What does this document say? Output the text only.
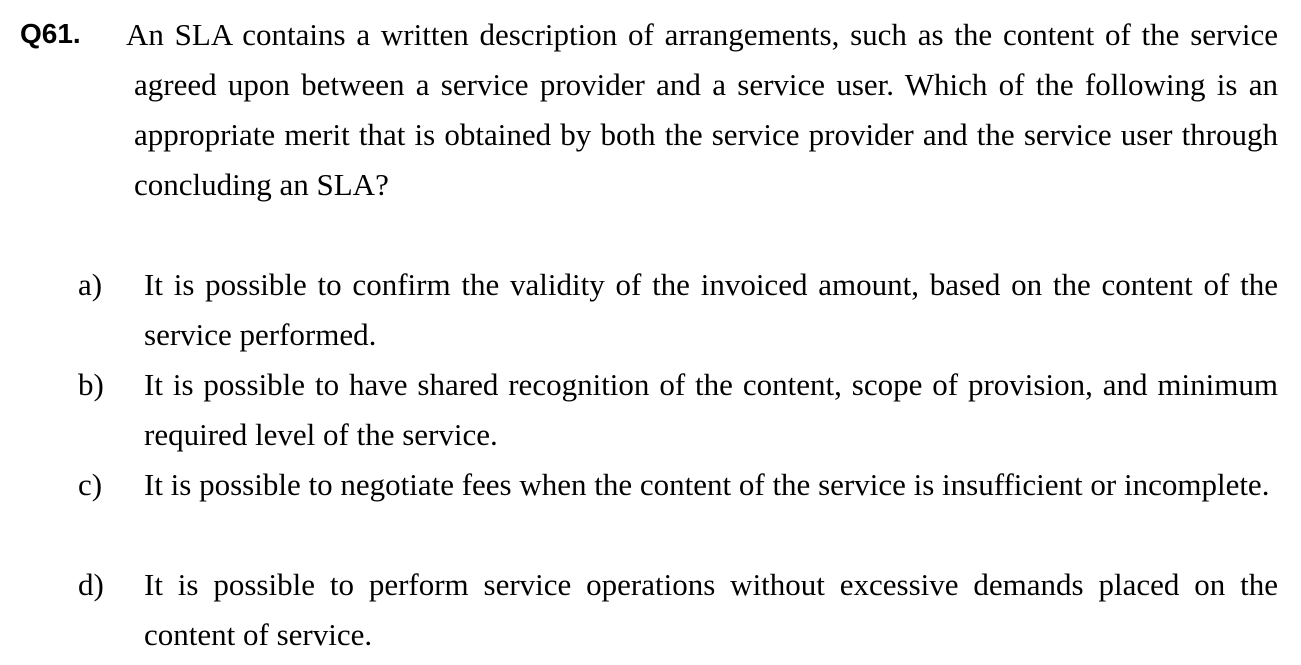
Q61. An SLA contains a written description of arrangements, such as the content of the service agreed upon between a service provider and a service user. Which of the following is an appropriate merit that is obtained by both the service provider and the service user through concluding an SLA?

a) It is possible to confirm the validity of the invoiced amount, based on the content of the service performed.

b) It is possible to have shared recognition of the content, scope of provision, and minimum required level of the service.

c) It is possible to negotiate fees when the content of the service is insufficient or incomplete.

d) It is possible to perform service operations without excessive demands placed on the content of service.
